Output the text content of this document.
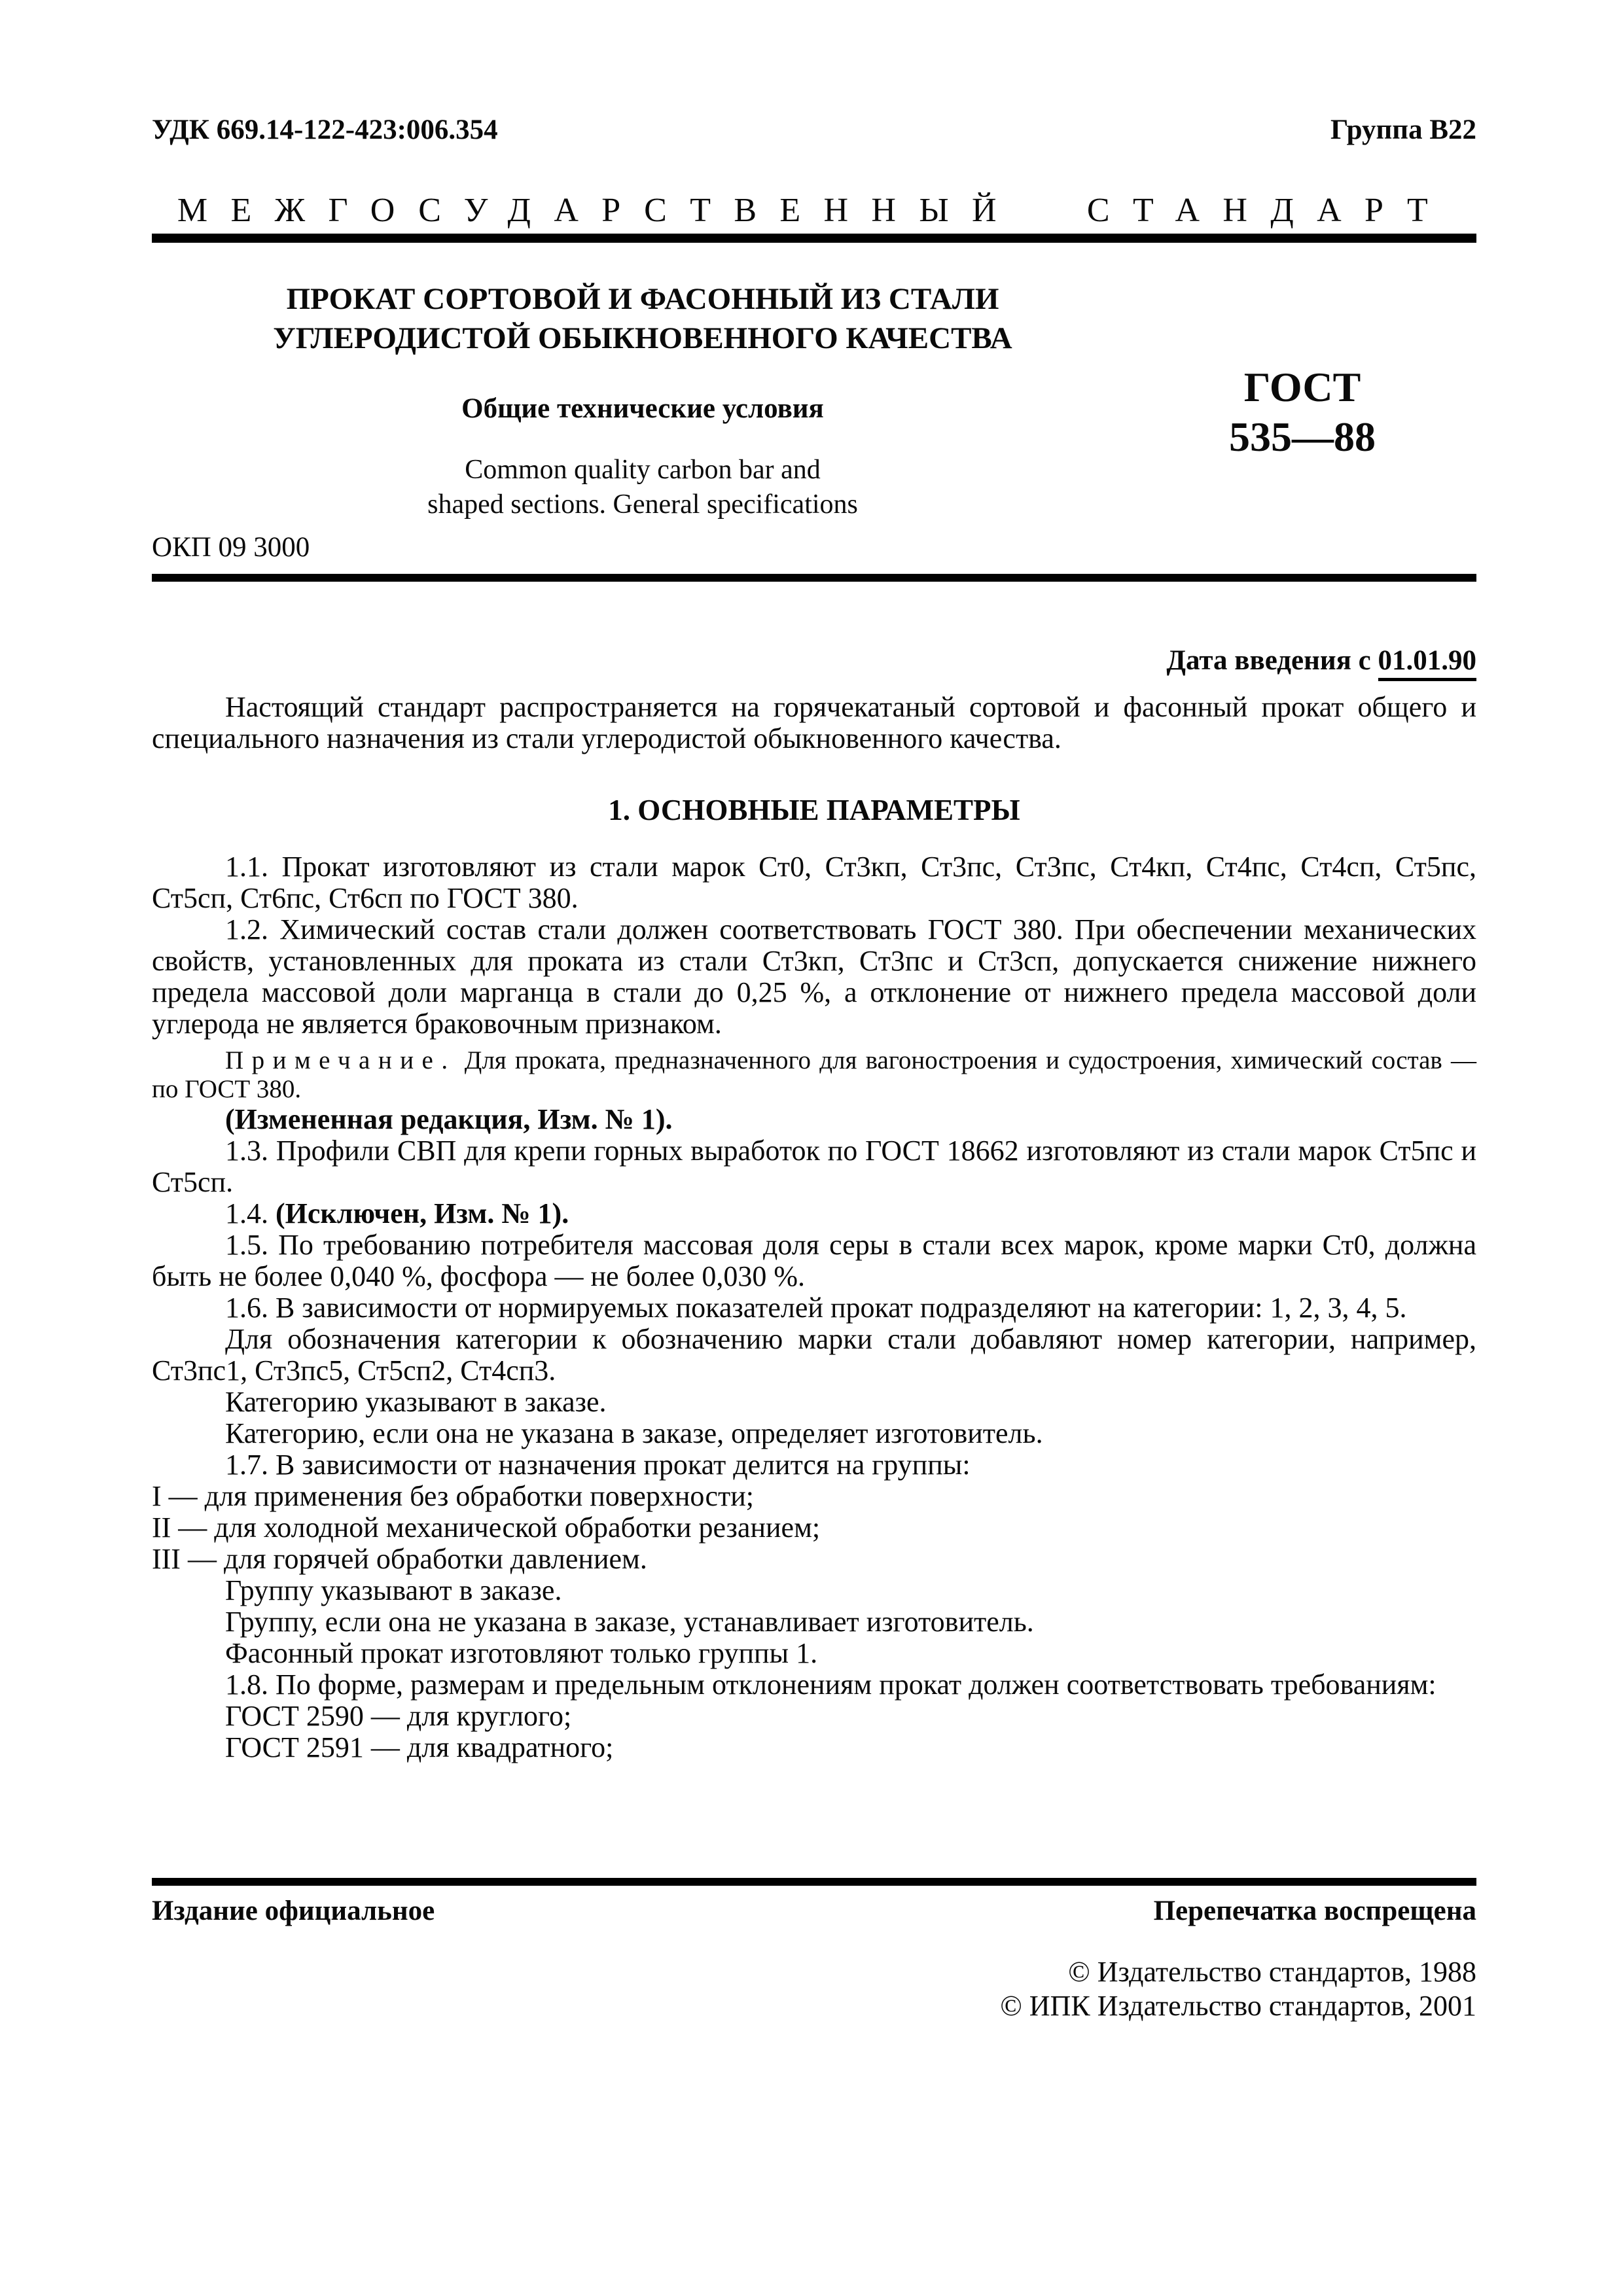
УДК 669.14-122-423:006.354	Группа В22
МЕЖГОСУДАРСТВЕННЫЙ СТАНДАРТ
ПРОКАТ СОРТОВОЙ И ФАСОННЫЙ ИЗ СТАЛИ
УГЛЕРОДИСТОЙ ОБЫКНОВЕННОГО КАЧЕСТВА
Общие технические условия
Common quality carbon bar and
shaped sections. General specifications
ГОСТ
535—88
ОКП 09 3000
Дата введения с 01.01.90

Настоящий стандарт распространяется на горячекатаный сортовой и фасонный прокат общего и специального назначения из стали углеродистой обыкновенного качества.

1. ОСНОВНЫЕ ПАРАМЕТРЫ

1.1. Прокат изготовляют из стали марок Ст0, Ст3кп, Ст3пс, Ст3пс, Ст4кп, Ст4пс, Ст4сп, Ст5пс, Ст5сп, Ст6пс, Ст6сп по ГОСТ 380.

1.2. Химический состав стали должен соответствовать ГОСТ 380. При обеспечении механических свойств, установленных для проката из стали Ст3кп, Ст3пс и Ст3сп, допускается снижение нижнего предела массовой доли марганца в стали до 0,25 %, а отклонение от нижнего предела массовой доли углерода не является браковочным признаком.

Примечание. Для проката, предназначенного для вагоностроения и судостроения, химический состав — по ГОСТ 380.

(Измененная редакция, Изм. № 1).

1.3. Профили СВП для крепи горных выработок по ГОСТ 18662 изготовляют из стали марок Ст5пс и Ст5сп.

1.4. (Исключен, Изм. № 1).

1.5. По требованию потребителя массовая доля серы в стали всех марок, кроме марки Ст0, должна быть не более 0,040 %, фосфора — не более 0,030 %.

1.6. В зависимости от нормируемых показателей прокат подразделяют на категории: 1, 2, 3, 4, 5.

Для обозначения категории к обозначению марки стали добавляют номер категории, например, Ст3пс1, Ст3пс5, Ст5сп2, Ст4сп3.

Категорию указывают в заказе.

Категорию, если она не указана в заказе, определяет изготовитель.

1.7. В зависимости от назначения прокат делится на группы:

I — для применения без обработки поверхности;

II — для холодной механической обработки резанием;

III — для горячей обработки давлением.

Группу указывают в заказе.

Группу, если она не указана в заказе, устанавливает изготовитель.

Фасонный прокат изготовляют только группы 1.

1.8. По форме, размерам и предельным отклонениям прокат должен соответствовать требованиям:

ГОСТ 2590 — для круглого;

ГОСТ 2591 — для квадратного;

Издание официальное	Перепечатка воспрещена
© Издательство стандартов, 1988
© ИПК Издательство стандартов, 2001
